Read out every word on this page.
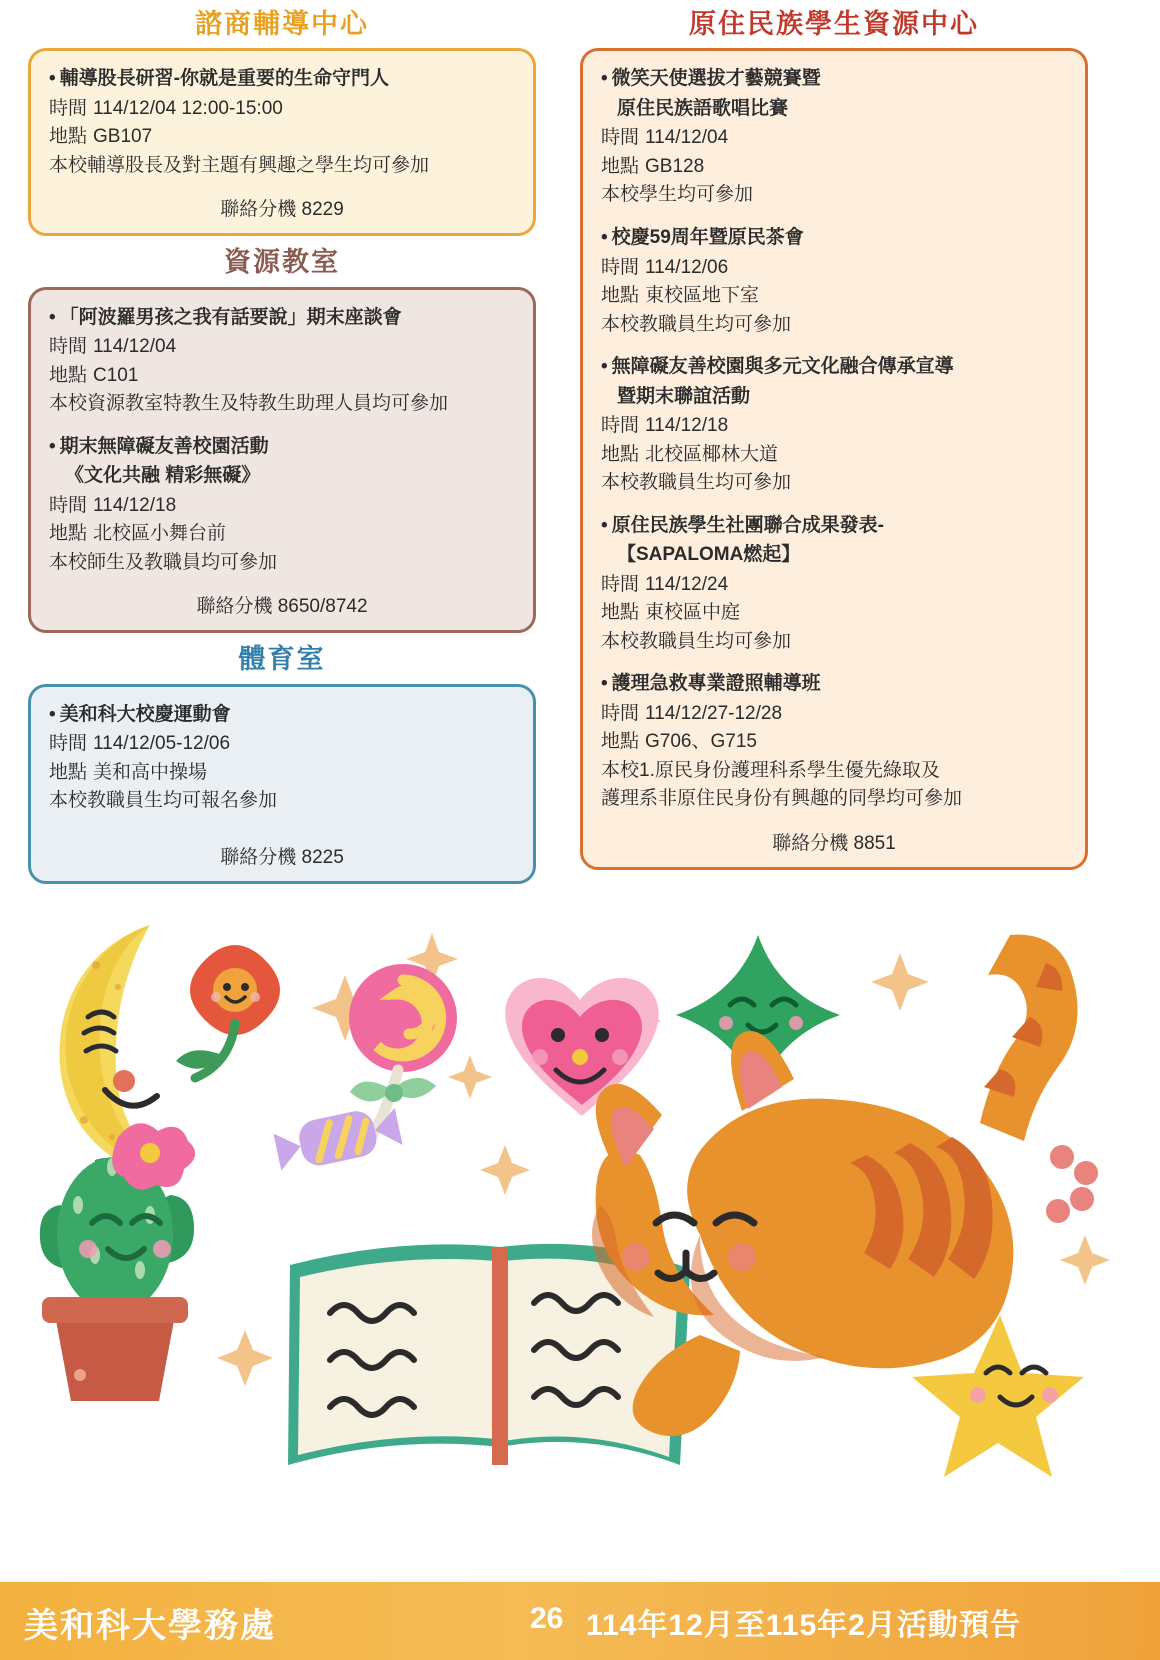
諮商輔導中心

• 輔導股長研習-你就是重要的生命守門人

時間 114/12/04 12:00-15:00

地點 GB107

本校輔導股長及對主題有興趣之學生均可參加

聯絡分機 8229
資源教室

• 「阿波羅男孩之我有話要說」期末座談會

時間 114/12/04

地點 C101

本校資源教室特教生及特教生助理人員均可參加

• 期末無障礙友善校園活動

《文化共融 精彩無礙》

時間 114/12/18

地點 北校區小舞台前

本校師生及教職員均可參加

聯絡分機 8650/8742
體育室

• 美和科大校慶運動會

時間 114/12/05-12/06

地點 美和高中操場

本校教職員生均可報名參加

聯絡分機 8225
原住民族學生資源中心

• 微笑天使選拔才藝競賽暨

原住民族語歌唱比賽

時間 114/12/04

地點 GB128

本校學生均可參加

• 校慶59周年暨原民茶會

時間 114/12/06

地點 東校區地下室

本校教職員生均可參加

• 無障礙友善校園與多元文化融合傳承宣導

暨期末聯誼活動

時間 114/12/18

地點 北校區椰林大道

本校教職員生均可參加

• 原住民族學生社團聯合成果發表-

【SAPALOMA燃起】

時間 114/12/24

地點 東校區中庭

本校教職員生均可參加

• 護理急救專業證照輔導班

時間 114/12/27-12/28

地點 G706、G715

本校1.原民身份護理科系學生優先綠取及

護理系非原住民身份有興趣的同學均可參加

聯絡分機 8851
美和科大學務處	26 114年12月至115年2月活動預告
